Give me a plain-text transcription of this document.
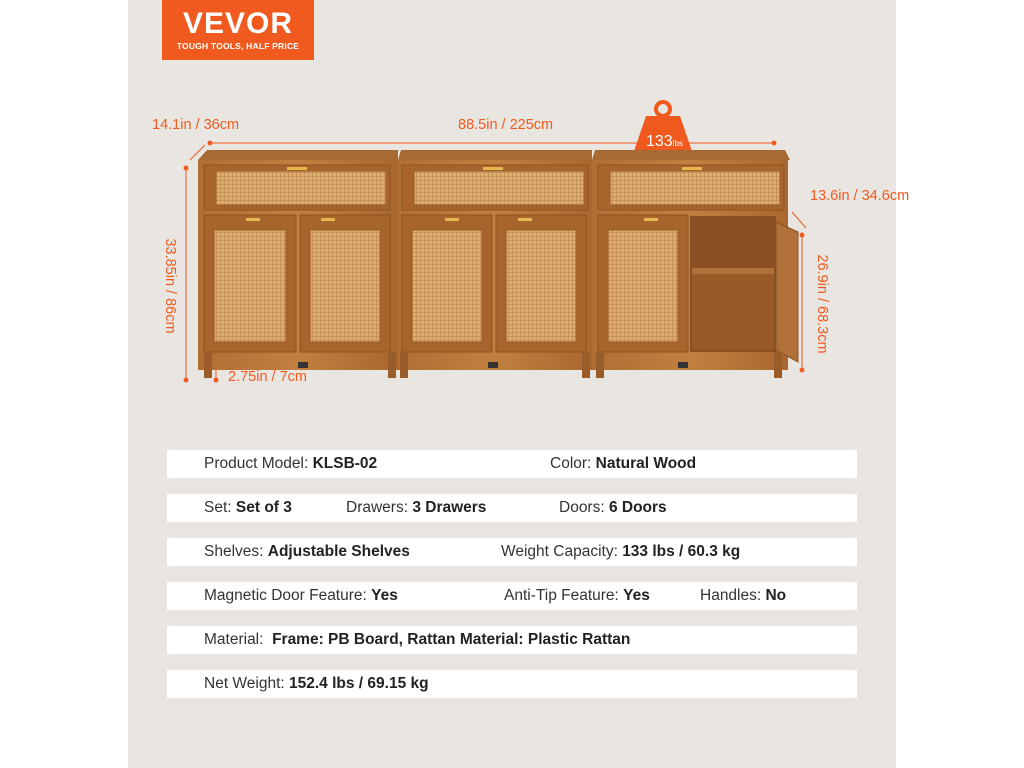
VEVOR
TOUGH TOOLS, HALF PRICE
14.1in / 36cm	88.5in / 225cm
133lbs
13.6in / 34.6cm
33.85in / 86cm	26.9in / 68.3cm
2.75in / 7cm
Product Model: KLSB-02	Color: Natural Wood
Set: Set of 3	Drawers: 3 Drawers	Doors: 6 Doors
Shelves: Adjustable Shelves	Weight Capacity: 133 lbs / 60.3 kg
Magnetic Door Feature: Yes	Anti-Tip Feature: Yes	Handles: No
Material:  Frame: PB Board, Rattan Material: Plastic Rattan
Net Weight: 152.4 lbs / 69.15 kg
